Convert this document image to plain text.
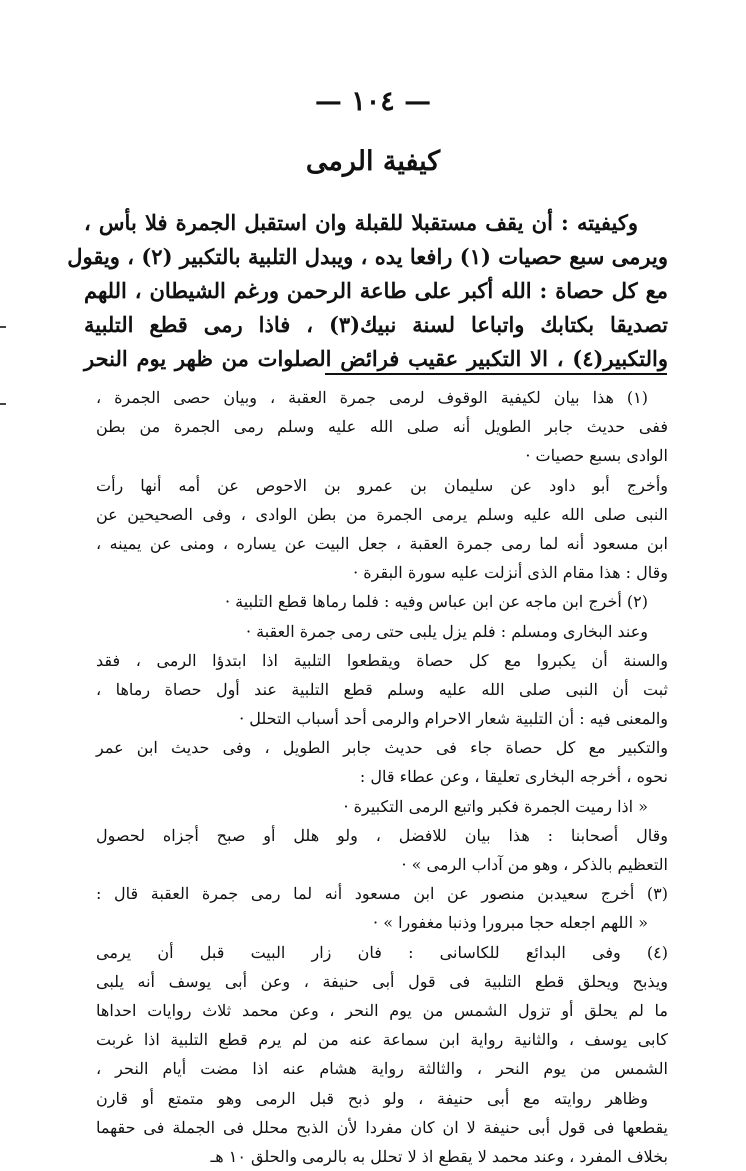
— ١٠٤ —
كيفية الرمى
وكيفيته : أن يقف مستقبلا للقبلة وان استقبل الجمرة فلا بأس ،
ويرمى سبع حصيات (١) رافعا يده ، ويبدل التلبية بالتكبير (٢) ، ويقول
مع كل حصاة : الله أكبر على طاعة الرحمن ورغم الشيطان ، اللهم
تصديقا بكتابك واتباعا لسنة نبيك(٣) ، فاذا رمى قطع التلبية
والتكبير(٤) ، الا التكبير عقيب فرائض الصلوات من ظهر يوم النحر
(١) هذا بيان لكيفية الوقوف لرمى جمرة العقبة ، وبيان حصى الجمرة ،
ففى حديث جابر الطويل أنه صلى الله عليه وسلم رمى الجمرة من بطن
الوادى بسبع حصيات ·
وأخرج أبو داود عن سليمان بن عمرو بن الاحوص عن أمه أنها رأت
النبى صلى الله عليه وسلم يرمى الجمرة من بطن الوادى ، وفى الصحيحين عن
ابن مسعود أنه لما رمى جمرة العقبة ، جعل البيت عن يساره ، ومنى عن يمينه ،
وقال : هذا مقام الذى أنزلت عليه سورة البقرة ·
(٢) أخرج ابن ماجه عن ابن عباس وفيه : فلما رماها قطع التلبية ·
وعند البخارى ومسلم : فلم يزل يلبى حتى رمى جمرة العقبة ·
والسنة أن يكبروا مع كل حصاة ويقطعوا التلبية اذا ابتدؤا الرمى ، فقد
ثبت أن النبى صلى الله عليه وسلم قطع التلبية عند أول حصاة رماها ،
والمعنى فيه : أن التلبية شعار الاحرام والرمى أحد أسباب التحلل ·
والتكبير مع كل حصاة جاء فى حديث جابر الطويل ، وفى حديث ابن عمر
نحوه ، أخرجه البخارى تعليقا ، وعن عطاء قال :
« اذا رميت الجمرة فكبر واتبع الرمى التكبيرة ·
وقال أصحابنا : هذا بيان للافضل ، ولو هلل أو صبح أجزاه لحصول
التعظيم بالذكر ، وهو من آداب الرمى » ·
(٣) أخرج سعيدبن منصور عن ابن مسعود أنه لما رمى جمرة العقبة قال :
« اللهم اجعله حجا مبرورا وذنبا مغفورا » ·
(٤) وفى البدائع للكاسانى : فان زار البيت قبل أن يرمى
ويذبح ويحلق قطع التلبية فى قول أبى حنيفة ، وعن أبى يوسف أنه يلبى
ما لم يحلق أو تزول الشمس من يوم النحر ، وعن محمد ثلاث روايات احداها
كابى يوسف ، والثانية رواية ابن سماعة عنه من لم يرم قطع التلبية اذا غربت
الشمس من يوم النحر ، والثالثة رواية هشام عنه اذا مضت أيام النحر ،
وظاهر روايته مع أبى حنيفة ، ولو ذبح قبل الرمى وهو متمتع أو قارن
يقطعها فى قول أبى حنيفة لا ان كان مفردا لأن الذبح محلل فى الجملة فى حقهما
بخلاف المفرد ، وعند محمد لا يقطع اذ لا تحلل به بالرمى والحلق ١٠ هـ
